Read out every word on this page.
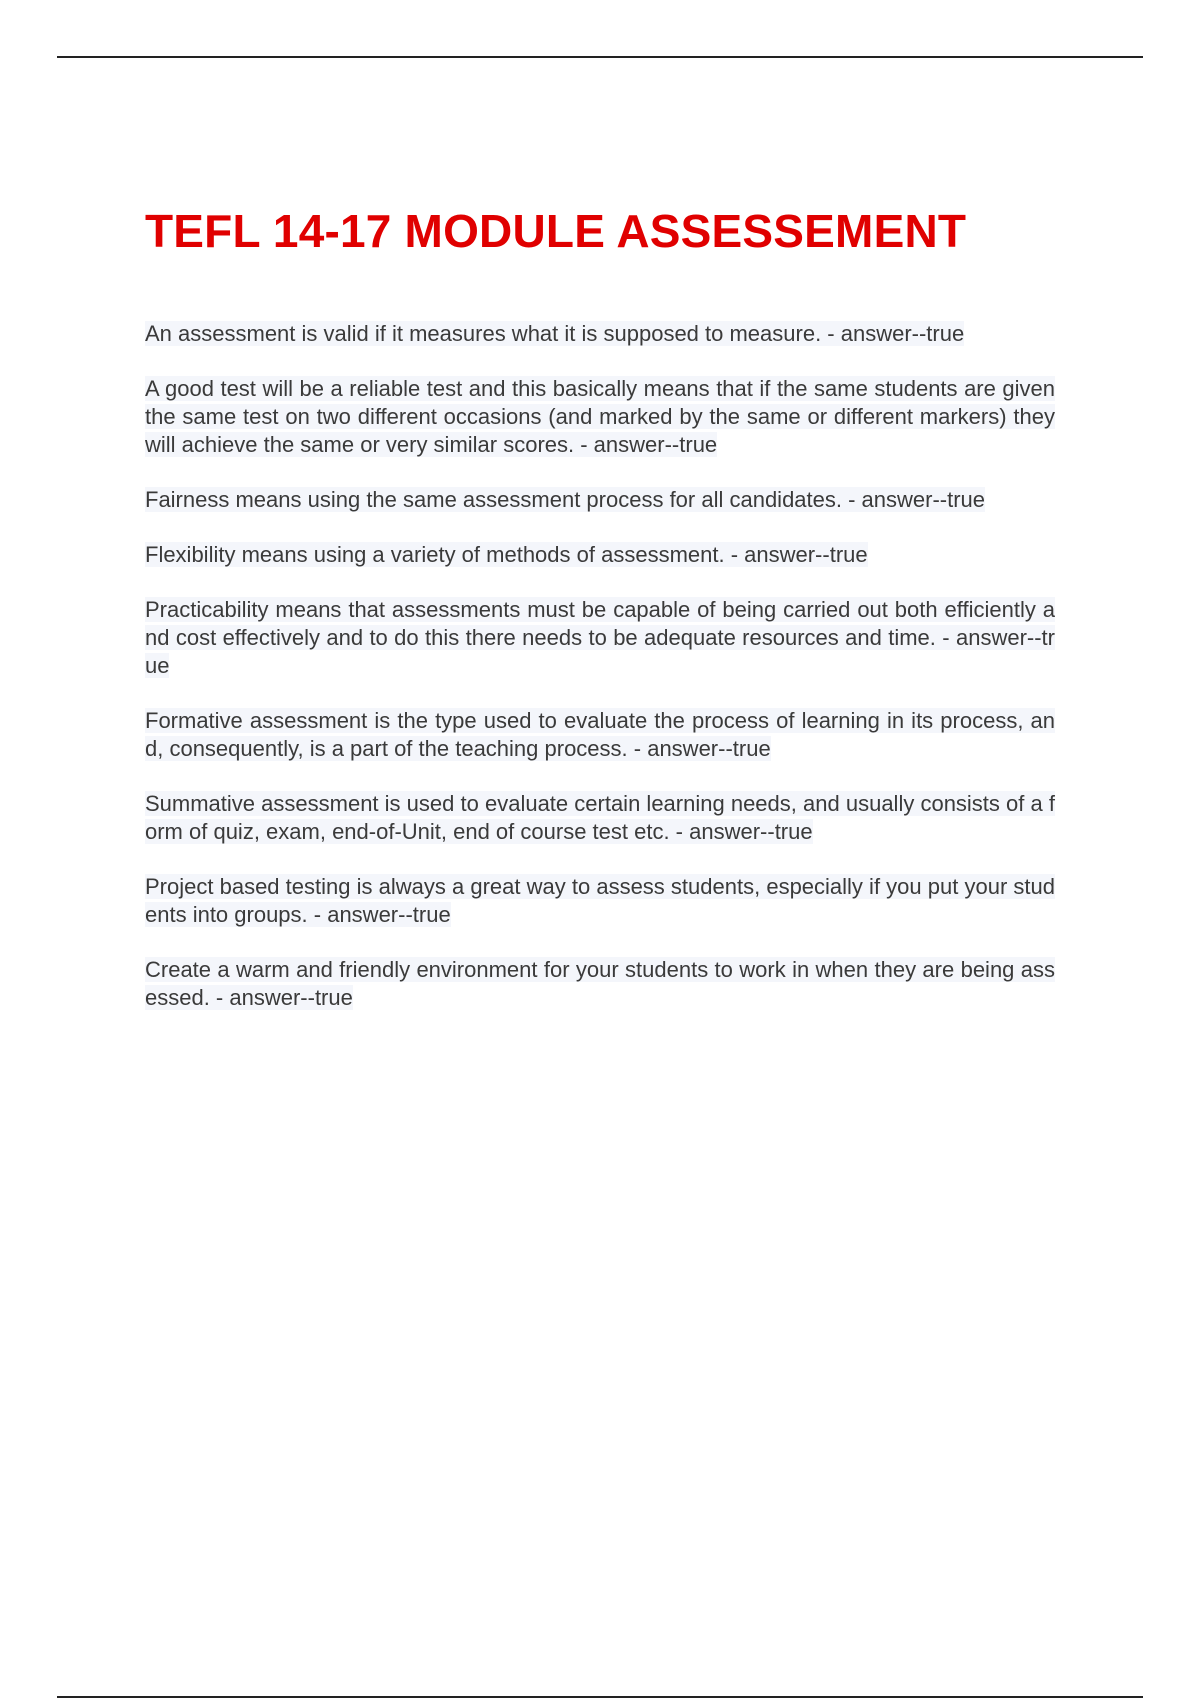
TEFL 14-17 MODULE ASSESSEMENT
An assessment is valid if it measures what it is supposed to measure. - answer--true
A good test will be a reliable test and this basically means that if the same students are given the same test on two different occasions (and marked by the same or different markers) they will achieve the same or very similar scores. - answer--true
Fairness means using the same assessment process for all candidates. - answer--true
Flexibility means using a variety of methods of assessment. - answer--true
Practicability means that assessments must be capable of being carried out both efficiently and cost effectively and to do this there needs to be adequate resources and time. - answer--true
Formative assessment is the type used to evaluate the process of learning in its process, and, consequently, is a part of the teaching process. - answer--true
Summative assessment is used to evaluate certain learning needs, and usually consists of a form of quiz, exam, end-of-Unit, end of course test etc. - answer--true
Project based testing is always a great way to assess students, especially if you put your students into groups. - answer--true
Create a warm and friendly environment for your students to work in when they are being assessed. - answer--true
